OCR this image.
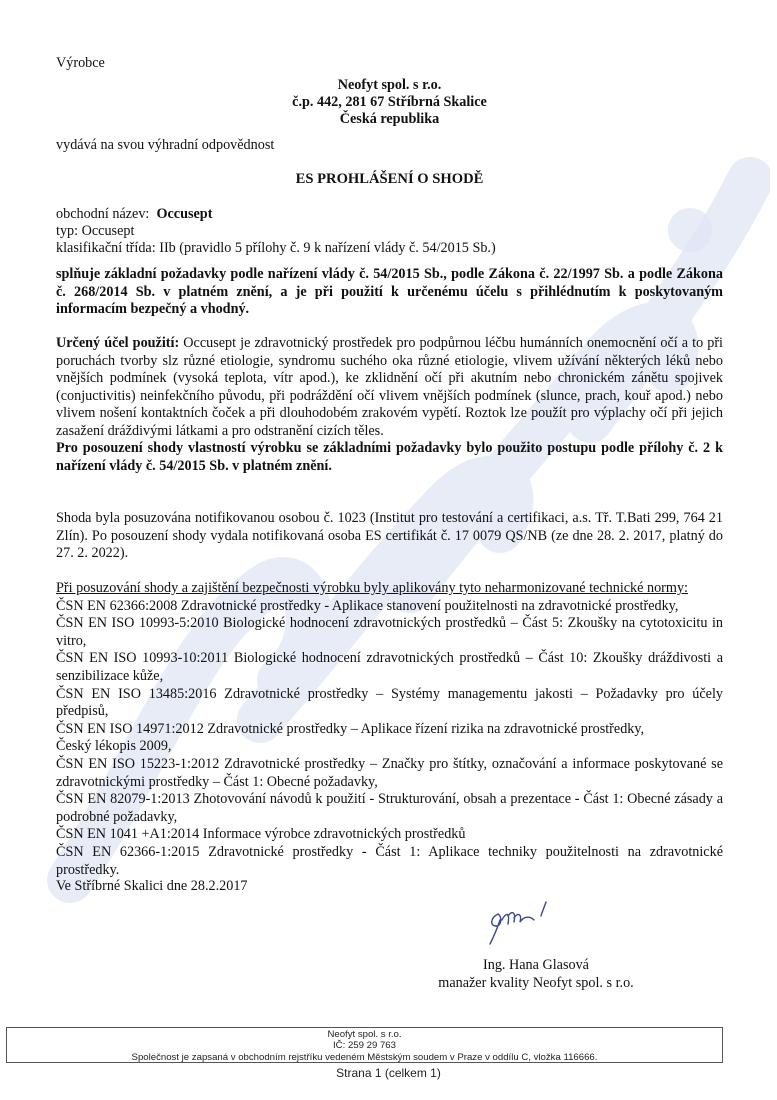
Výrobce
Neofyt spol. s r.o.
č.p. 442, 281 67 Stříbrná Skalice
Česká republika
vydává na svou výhradní odpovědnost
ES PROHLÁŠENÍ O SHODĚ
obchodní název: Occusept
typ: Occusept
klasifikační třída: IIb (pravidlo 5 přílohy č. 9 k nařízení vlády č. 54/2015 Sb.)

splňuje základní požadavky podle nařízení vlády č. 54/2015 Sb., podle Zákona č. 22/1997 Sb. a podle Zákona č. 268/2014 Sb. v platném znění, a je při použití k určenému účelu s přihlédnutím k poskytovaným informacím bezpečný a vhodný.

Určený účel použití: Occusept je zdravotnický prostředek pro podpůrnou léčbu humánních onemocnění očí a to při poruchách tvorby slz různé etiologie, syndromu suchého oka různé etiologie, vlivem užívání některých léků nebo vnějších podmínek (vysoká teplota, vítr apod.), ke zklidnění očí při akutním nebo chronickém zánětu spojivek (conjuctivitis) neinfekčního původu, při podráždění očí vlivem vnějších podmínek (slunce, prach, kouř apod.) nebo vlivem nošení kontaktních čoček a při dlouhodobém zrakovém vypětí. Roztok lze použít pro výplachy očí při jejich zasažení dráždivými látkami a pro odstranění cizích těles.

Pro posouzení shody vlastností výrobku se základními požadavky bylo použito postupu podle přílohy č. 2 k nařízení vlády č. 54/2015 Sb. v platném znění.

Shoda byla posuzována notifikovanou osobou č. 1023 (Institut pro testování a certifikaci, a.s. Tř. T.Bati 299, 764 21 Zlín). Po posouzení shody vydala notifikovaná osoba ES certifikát č. 17 0079 QS/NB (ze dne 28. 2. 2017, platný do 27. 2. 2022).

Při posuzování shody a zajištění bezpečnosti výrobku byly aplikovány tyto neharmonizované technické normy:
ČSN EN 62366:2008 Zdravotnické prostředky - Aplikace stanovení použitelnosti na zdravotnické prostředky,
ČSN EN ISO 10993-5:2010 Biologické hodnocení zdravotnických prostředků – Část 5: Zkoušky na cytotoxicitu in vitro,
ČSN EN ISO 10993-10:2011 Biologické hodnocení zdravotnických prostředků – Část 10: Zkoušky dráždivosti a senzibilizace kůže,
ČSN EN ISO 13485:2016 Zdravotnické prostředky – Systémy managementu jakosti – Požadavky pro účely předpisů,
ČSN EN ISO 14971:2012 Zdravotnické prostředky – Aplikace řízení rizika na zdravotnické prostředky,
Český lékopis 2009,
ČSN EN ISO 15223-1:2012 Zdravotnické prostředky – Značky pro štítky, označování a informace poskytované se zdravotnickými prostředky – Část 1: Obecné požadavky,
ČSN EN 82079-1:2013 Zhotovování návodů k použití - Strukturování, obsah a prezentace - Část 1: Obecné zásady a podrobné požadavky,
ČSN EN 1041 +A1:2014 Informace výrobce zdravotnických prostředků
ČSN EN 62366-1:2015 Zdravotnické prostředky - Část 1: Aplikace techniky použitelnosti na zdravotnické prostředky.
Ve Stříbrné Skalici dne 28.2.2017
Ing. Hana Glasová
manažer kvality Neofyt spol. s r.o.
Neofyt spol. s r.o.
IČ: 259 29 763
Společnost je zapsaná v obchodním rejstříku vedeném Městským soudem v Praze v oddílu C, vložka 116666.
Strana 1 (celkem 1)
